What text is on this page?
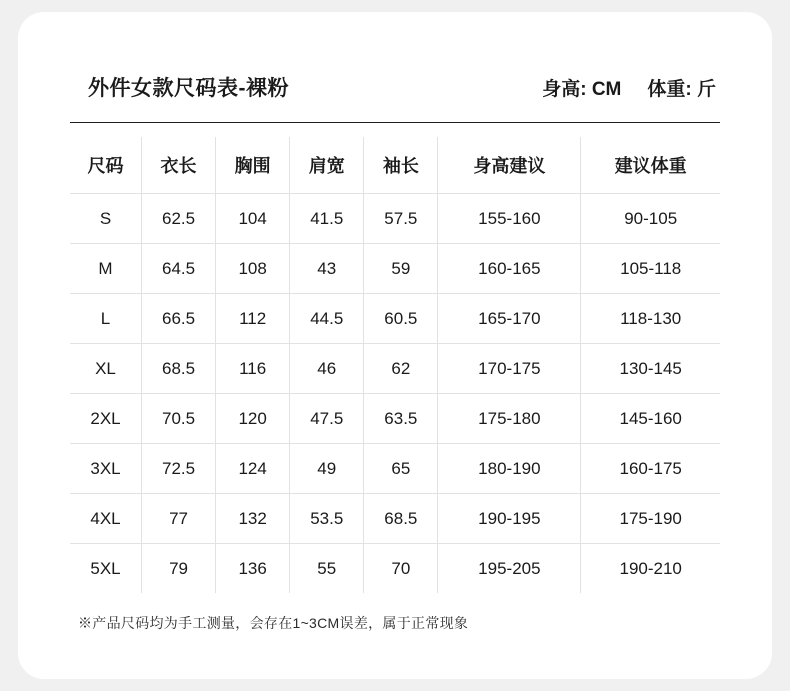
外件女款尺码表-裸粉	身高: CM 体重: 斤
尺码	衣长	胸围	肩宽	袖长	身高建议	建议体重
S	62.5	104	41.5	57.5	155-160	90-105
M	64.5	108	43	59	160-165	105-118
L	66.5	112	44.5	60.5	165-170	118-130
XL	68.5	116	46	62	170-175	130-145
2XL	70.5	120	47.5	63.5	175-180	145-160
3XL	72.5	124	49	65	180-190	160-175
4XL	77	132	53.5	68.5	190-195	175-190
5XL	79	136	55	70	195-205	190-210
※产品尺码均为手工测量，会存在1~3CM误差，属于正常现象
